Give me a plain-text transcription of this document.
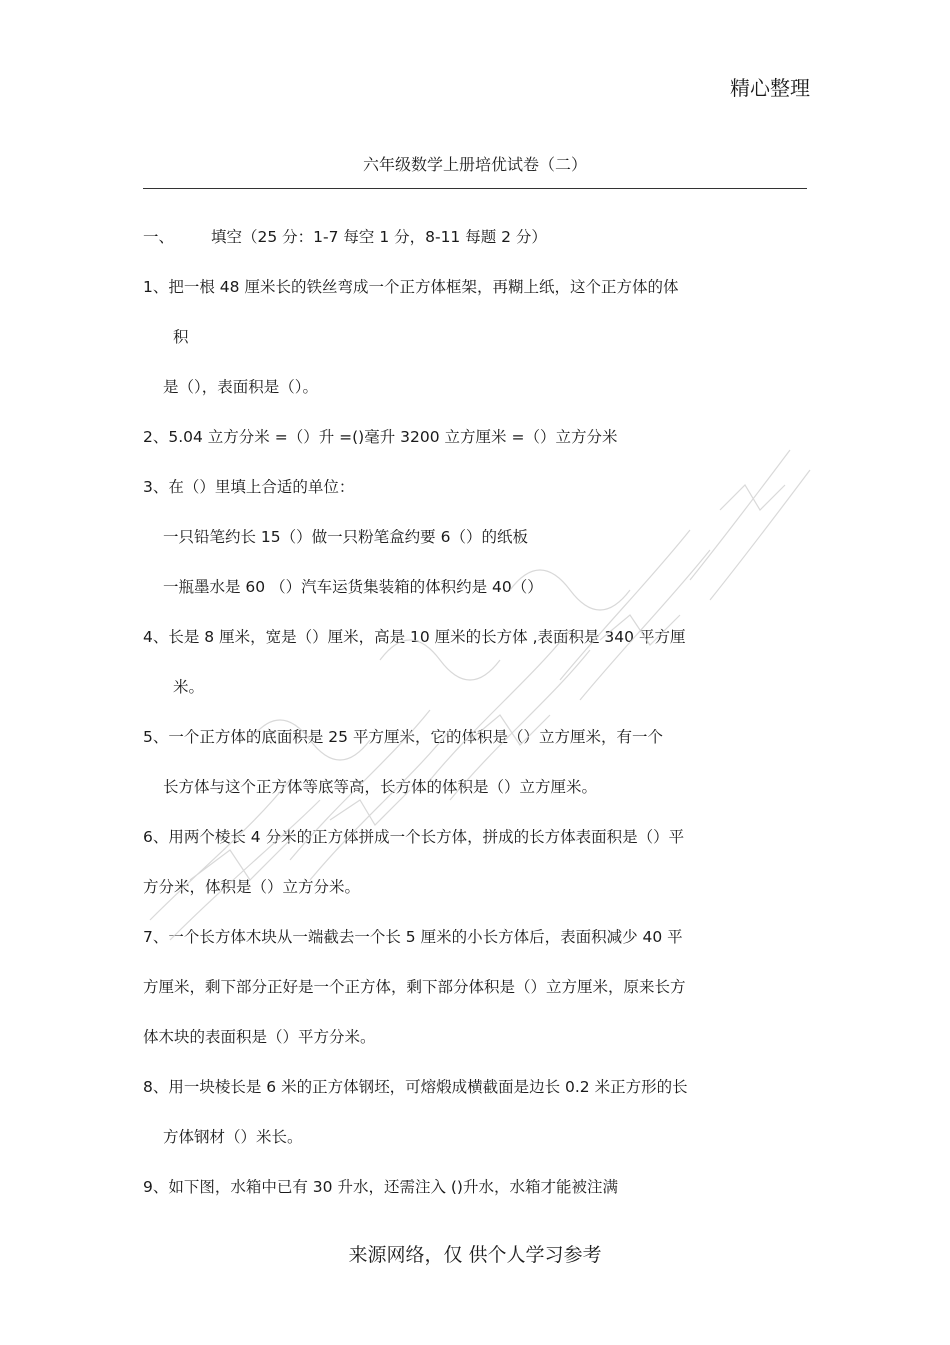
精心整理
六年级数学上册培优试卷（二）
一、 填空（25 分：1-7 每空 1 分，8-11 每题 2 分）
1、把一根 48 厘米长的铁丝弯成一个正方体框架，再糊上纸，这个正方体的体
积
是（），表面积是（）。
2、5.04 立方分米 =（）升 =()毫升 3200 立方厘米 =（）立方分米
3、在（）里填上合适的单位：
一只铅笔约长 15（）做一只粉笔盒约要 6（）的纸板
一瓶墨水是 60 （）汽车运货集装箱的体积约是 40（）
4、长是 8 厘米，宽是（）厘米，高是 10 厘米的长方体 ,表面积是 340 平方厘
米。
5、一个正方体的底面积是 25 平方厘米，它的体积是（）立方厘米，有一个
长方体与这个正方体等底等高，长方体的体积是（）立方厘米。
6、用两个棱长 4 分米的正方体拼成一个长方体，拼成的长方体表面积是（）平
方分米，体积是（）立方分米。
7、一个长方体木块从一端截去一个长 5 厘米的小长方体后，表面积减少 40 平
方厘米，剩下部分正好是一个正方体，剩下部分体积是（）立方厘米，原来长方
体木块的表面积是（）平方分米。
8、用一块棱长是 6 米的正方体钢坯，可熔煅成横截面是边长 0.2 米正方形的长
方体钢材（）米长。
9、如下图，水箱中已有 30 升水，还需注入 ()升水，水箱才能被注满
来源网络，仅 供个人学习参考
